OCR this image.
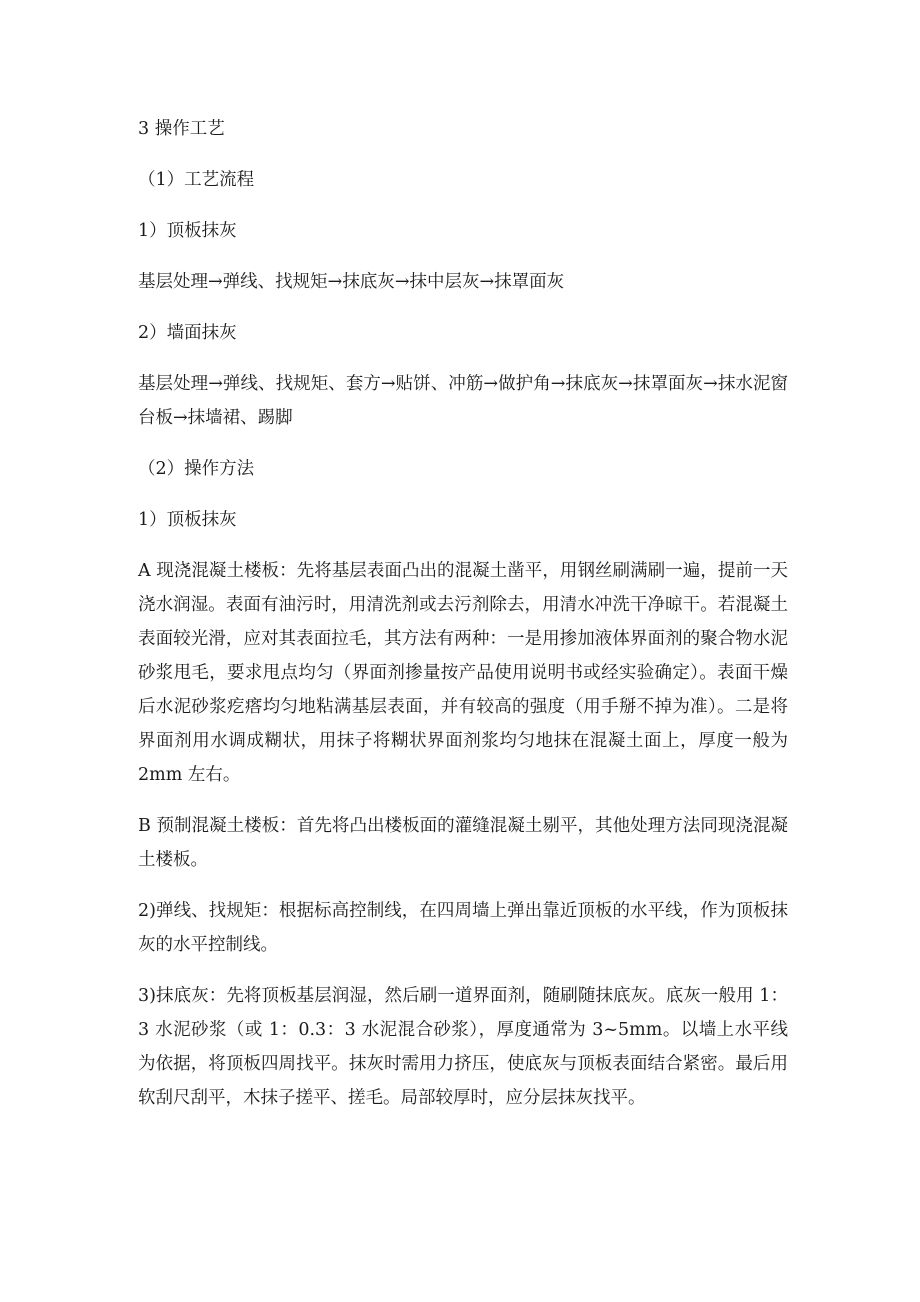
3 操作工艺

（1）工艺流程

1）顶板抹灰

基层处理→弹线、找规矩→抹底灰→抹中层灰→抹罩面灰

2）墙面抹灰

基层处理→弹线、找规矩、套方→贴饼、冲筋→做护角→抹底灰→抹罩面灰→抹水泥窗台板→抹墙裙、踢脚

（2）操作方法

1）顶板抹灰

A 现浇混凝土楼板：先将基层表面凸出的混凝土凿平，用钢丝刷满刷一遍，提前一天浇水润湿。表面有油污时，用清洗剂或去污剂除去，用清水冲洗干净晾干。若混凝土表面较光滑，应对其表面拉毛，其方法有两种：一是用掺加液体界面剂的聚合物水泥砂浆甩毛，要求甩点均匀（界面剂掺量按产品使用说明书或经实验确定）。表面干燥后水泥砂浆疙瘩均匀地粘满基层表面，并有较高的强度（用手掰不掉为准）。二是将界面剂用水调成糊状，用抹子将糊状界面剂浆均匀地抹在混凝土面上，厚度一般为 2mm 左右。

B 预制混凝土楼板：首先将凸出楼板面的灌缝混凝土剔平，其他处理方法同现浇混凝土楼板。

2)弹线、找规矩：根据标高控制线，在四周墙上弹出靠近顶板的水平线，作为顶板抹灰的水平控制线。

3)抹底灰：先将顶板基层润湿，然后刷一道界面剂，随刷随抹底灰。底灰一般用 1：3 水泥砂浆（或 1：0.3：3 水泥混合砂浆），厚度通常为 3~5mm。以墙上水平线为依据，将顶板四周找平。抹灰时需用力挤压，使底灰与顶板表面结合紧密。最后用软刮尺刮平，木抹子搓平、搓毛。局部较厚时，应分层抹灰找平。
